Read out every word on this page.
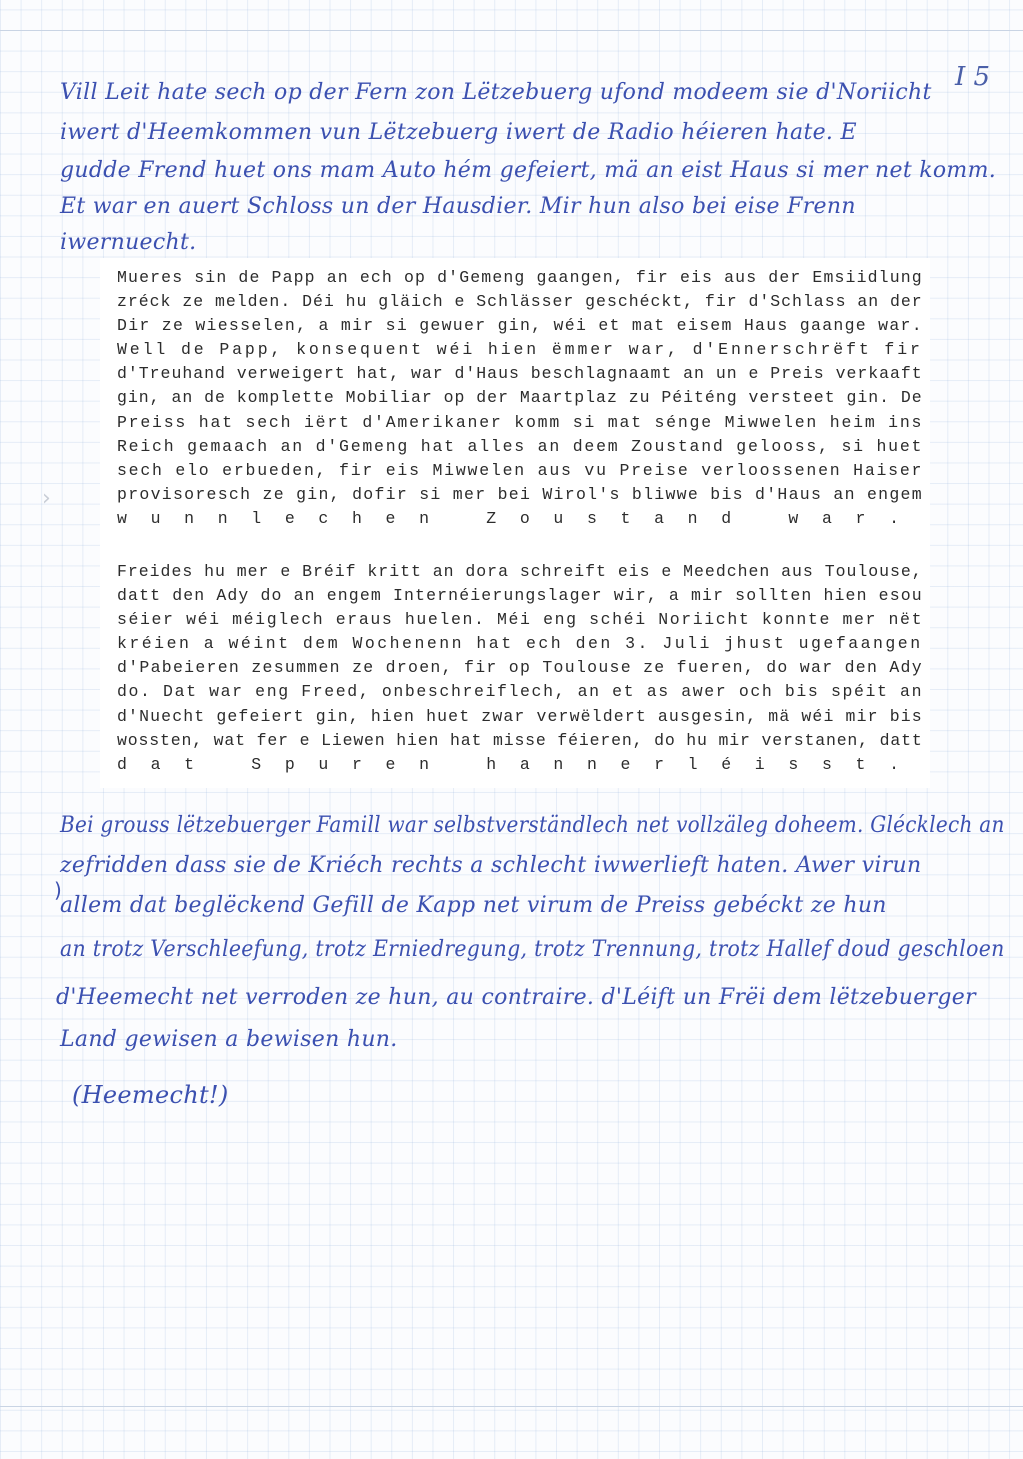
I 5
Vill Leit hate sech op der Fern zon Lëtzebuerg ufond modeem sie d'Noriicht
iwert d'Heemkommen vun Lëtzebuerg iwert de Radio héieren hate. E
gudde Frend huet ons mam Auto hém gefeiert, mä an eist Haus si mer net komm.
Et war en auert Schloss un der Hausdier. Mir hun also bei eise Frenn
iwernuecht.
Mueres sin de Papp an ech op d'Gemeng gaangen, fir eis aus der Emsiidlung
zréck ze melden. Déi hu gläich e Schlässer geschéckt, fir d'Schlass an der
Dir ze wiesselen, a mir si gewuer gin, wéi et mat eisem Haus gaange war.
Well de Papp, konsequent wéi hien ëmmer war, d'Ennerschrëft fir
d'Treuhand verweigert hat, war d'Haus beschlagnaamt an un e Preis verkaaft
gin, an de komplette Mobiliar op der Maartplaz zu Péiténg versteet gin. De
Preiss hat sech iërt d'Amerikaner komm si mat sénge Miwwelen heim ins
Reich gemaach an d'Gemeng hat alles an deem Zoustand gelooss, si huet
sech elo erbueden, fir eis Miwwelen aus vu Preise verloossenen Haiser
provisoresch ze gin, dofir si mer bei Wirol's bliwwe bis d'Haus an engem
wunnlechen Zoustand war.
Freides hu mer e Bréif kritt an dora schreift eis e Meedchen aus Toulouse,
datt den Ady do an engem Internéierungslager wir, a mir sollten hien esou
séier wéi méiglech eraus huelen. Méi eng schéi Noriicht konnte mer nët
kréien a wéint dem Wochenenn hat ech den 3. Juli jhust ugefaangen
d'Pabeieren zesummen ze droen, fir op Toulouse ze fueren, do war den Ady
do. Dat war eng Freed, onbeschreiflech, an et as awer och bis spéit an
d'Nuecht gefeiert gin, hien huet zwar verwëldert ausgesin, mä wéi mir bis
wossten, wat fer e Liewen hien hat misse féieren, do hu mir verstanen, datt
dat Spuren hannerléisst.
›
)
Bei grouss lëtzebuerger Famill war selbstverständlech net vollzäleg doheem. Glécklech an
zefridden dass sie de Kriéch rechts a schlecht iwwerlieft haten. Awer virun
allem dat beglëckend Gefill de Kapp net virum de Preiss gebéckt ze hun
an trotz Verschleefung, trotz Erniedregung, trotz Trennung, trotz Hallef doud geschloen
d'Heemecht net verroden ze hun, au contraire. d'Léift un Frëi dem lëtzebuerger
Land gewisen a bewisen hun.
(Heemecht!)
